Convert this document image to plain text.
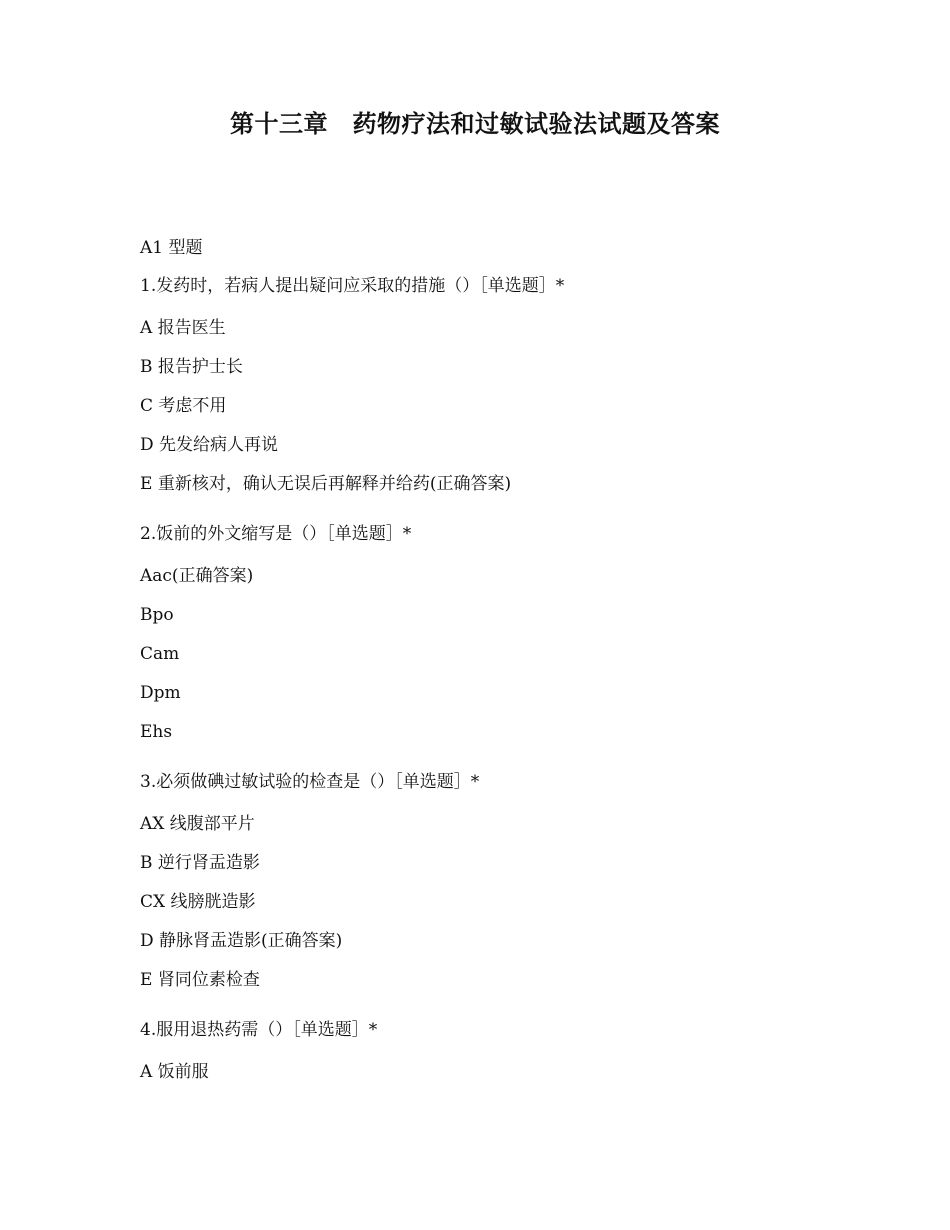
第十三章　药物疗法和过敏试验法试题及答案
A1 型题
1.发药时，若病人提出疑问应采取的措施（）［单选题］*
A 报告医生
B 报告护士长
C 考虑不用
D 先发给病人再说
E 重新核对，确认无误后再解释并给药(正确答案)
2.饭前的外文缩写是（）［单选题］*
Aac(正确答案)
Bpo
Cam
Dpm
Ehs
3.必须做碘过敏试验的检查是（）［单选题］*
AX 线腹部平片
B 逆行肾盂造影
CX 线膀胱造影
D 静脉肾盂造影(正确答案)
E 肾同位素检查
4.服用退热药需（）［单选题］*
A 饭前服
